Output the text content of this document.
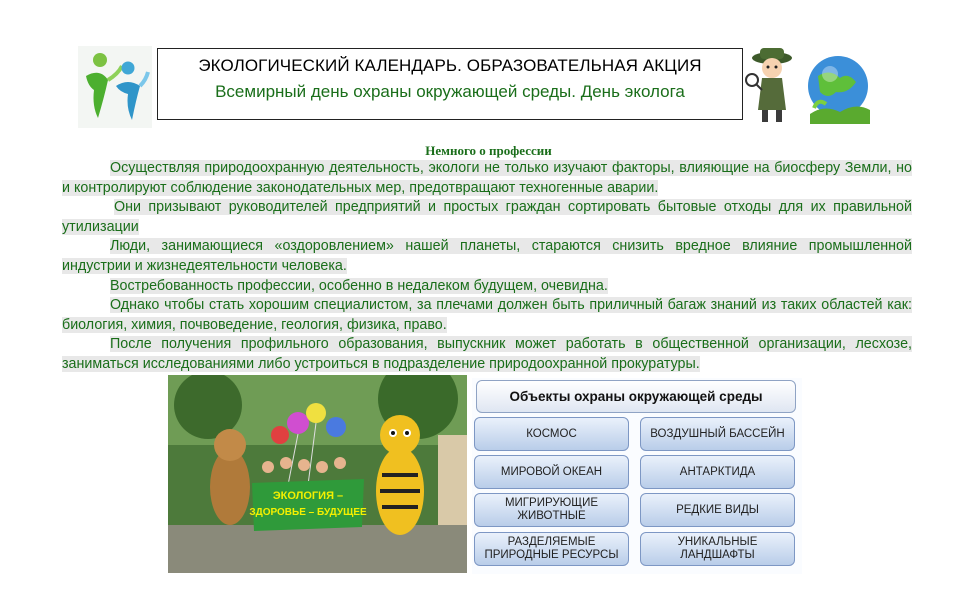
ЭКОЛОГИЧЕСКИЙ КАЛЕНДАРЬ. ОБРАЗОВАТЕЛЬНАЯ АКЦИЯ
Всемирный день охраны окружающей среды. День эколога
Немного о профессии
Осуществляя природоохранную деятельность, экологи не только изучают факторы, влияющие на биосферу Земли, но и контролируют соблюдение законодательных мер, предотвращают техногенные аварии.
Они призывают руководителей предприятий и простых граждан сортировать бытовые отходы для их правильной утилизации
Люди, занимающиеся «оздоровлением» нашей планеты, стараются снизить вредное влияние промышленной индустрии и жизнедеятельности человека.
Востребованность профессии, особенно в недалеком будущем, очевидна.
Однако чтобы стать хорошим специалистом, за плечами должен быть приличный багаж знаний из таких областей как: биология, химия, почвоведение, геология, физика, право.
После получения профильного образования, выпускник может работать в общественной организации, лесхозе, заниматься исследованиями либо устроиться в подразделение природоохранной прокуратуры.
ЭКОЛОГИЯ –
ЗДОРОВЬЕ – БУДУЩЕЕ
Объекты охраны окружающей среды
КОСМОС	ВОЗДУШНЫЙ БАССЕЙН
МИРОВОЙ ОКЕАН	АНТАРКТИДА
МИГРИРУЮЩИЕ ЖИВОТНЫЕ
РЕДКИЕ ВИДЫ
РАЗДЕЛЯЕМЫЕ ПРИРОДНЫЕ РЕСУРСЫ
УНИКАЛЬНЫЕ ЛАНДШАФТЫ
